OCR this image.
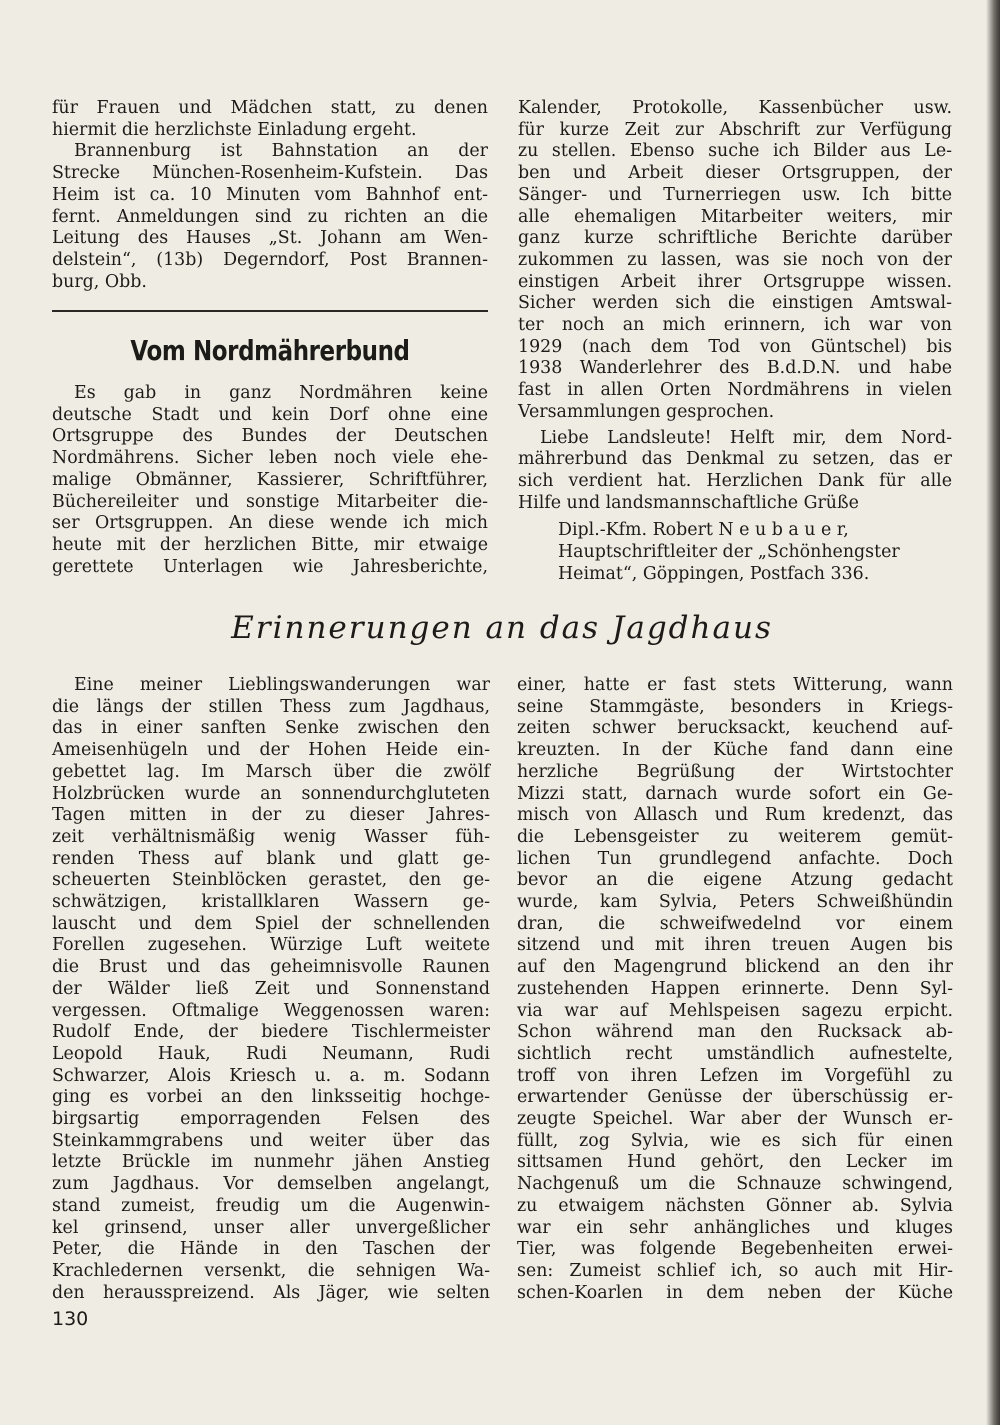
für Frauen und Mädchen statt, zu denen
hiermit die herzlichste Einladung ergeht.
Brannenburg ist Bahnstation an der
Strecke München-Rosenheim-Kufstein. Das
Heim ist ca. 10 Minuten vom Bahnhof ent-
fernt. Anmeldungen sind zu richten an die
Leitung des Hauses „St. Johann am Wen-
delstein“, (13b) Degerndorf, Post Brannen-
burg, Obb.
Vom Nordmährerbund
Es gab in ganz Nordmähren keine
deutsche Stadt und kein Dorf ohne eine
Ortsgruppe des Bundes der Deutschen
Nordmährens. Sicher leben noch viele ehe-
malige Obmänner, Kassierer, Schriftführer,
Büchereileiter und sonstige Mitarbeiter die-
ser Ortsgruppen. An diese wende ich mich
heute mit der herzlichen Bitte, mir etwaige
gerettete Unterlagen wie Jahresberichte,
Kalender, Protokolle, Kassenbücher usw.
für kurze Zeit zur Abschrift zur Verfügung
zu stellen. Ebenso suche ich Bilder aus Le-
ben und Arbeit dieser Ortsgruppen, der
Sänger- und Turnerriegen usw. Ich bitte
alle ehemaligen Mitarbeiter weiters, mir
ganz kurze schriftliche Berichte darüber
zukommen zu lassen, was sie noch von der
einstigen Arbeit ihrer Ortsgruppe wissen.
Sicher werden sich die einstigen Amtswal-
ter noch an mich erinnern, ich war von
1929 (nach dem Tod von Güntschel) bis
1938 Wanderlehrer des B.d.D.N. und habe
fast in allen Orten Nordmährens in vielen
Versammlungen gesprochen.
Liebe Landsleute! Helft mir, dem Nord-
mährerbund das Denkmal zu setzen, das er
sich verdient hat. Herzlichen Dank für alle
Hilfe und landsmannschaftliche Grüße
Dipl.-Kfm. Robert N e u b a u e r,
Hauptschriftleiter der „Schönhengster
Heimat“, Göppingen, Postfach 336.
Erinnerungen an das Jagdhaus
Eine meiner Lieblingswanderungen war
die längs der stillen Thess zum Jagdhaus,
das in einer sanften Senke zwischen den
Ameisenhügeln und der Hohen Heide ein-
gebettet lag. Im Marsch über die zwölf
Holzbrücken wurde an sonnendurchgluteten
Tagen mitten in der zu dieser Jahres-
zeit verhältnismäßig wenig Wasser füh-
renden Thess auf blank und glatt ge-
scheuerten Steinblöcken gerastet, den ge-
schwätzigen, kristallklaren Wassern ge-
lauscht und dem Spiel der schnellenden
Forellen zugesehen. Würzige Luft weitete
die Brust und das geheimnisvolle Raunen
der Wälder ließ Zeit und Sonnenstand
vergessen. Oftmalige Weggenossen waren:
Rudolf Ende, der biedere Tischlermeister
Leopold Hauk, Rudi Neumann, Rudi
Schwarzer, Alois Kriesch u. a. m. Sodann
ging es vorbei an den linksseitig hochge-
birgsartig emporragenden Felsen des
Steinkammgrabens und weiter über das
letzte Brückle im nunmehr jähen Anstieg
zum Jagdhaus. Vor demselben angelangt,
stand zumeist, freudig um die Augenwin-
kel grinsend, unser aller unvergeßlicher
Peter, die Hände in den Taschen der
Krachledernen versenkt, die sehnigen Wa-
den herausspreizend. Als Jäger, wie selten
einer, hatte er fast stets Witterung, wann
seine Stammgäste, besonders in Kriegs-
zeiten schwer berucksackt, keuchend auf-
kreuzten. In der Küche fand dann eine
herzliche Begrüßung der Wirtstochter
Mizzi statt, darnach wurde sofort ein Ge-
misch von Allasch und Rum kredenzt, das
die Lebensgeister zu weiterem gemüt-
lichen Tun grundlegend anfachte. Doch
bevor an die eigene Atzung gedacht
wurde, kam Sylvia, Peters Schweißhündin
dran, die schweifwedelnd vor einem
sitzend und mit ihren treuen Augen bis
auf den Magengrund blickend an den ihr
zustehenden Happen erinnerte. Denn Syl-
via war auf Mehlspeisen sagezu erpicht.
Schon während man den Rucksack ab-
sichtlich recht umständlich aufnestelte,
troff von ihren Lefzen im Vorgefühl zu
erwartender Genüsse der überschüssig er-
zeugte Speichel. War aber der Wunsch er-
füllt, zog Sylvia, wie es sich für einen
sittsamen Hund gehört, den Lecker im
Nachgenuß um die Schnauze schwingend,
zu etwaigem nächsten Gönner ab. Sylvia
war ein sehr anhängliches und kluges
Tier, was folgende Begebenheiten erwei-
sen: Zumeist schlief ich, so auch mit Hir-
schen-Koarlen in dem neben der Küche
130
